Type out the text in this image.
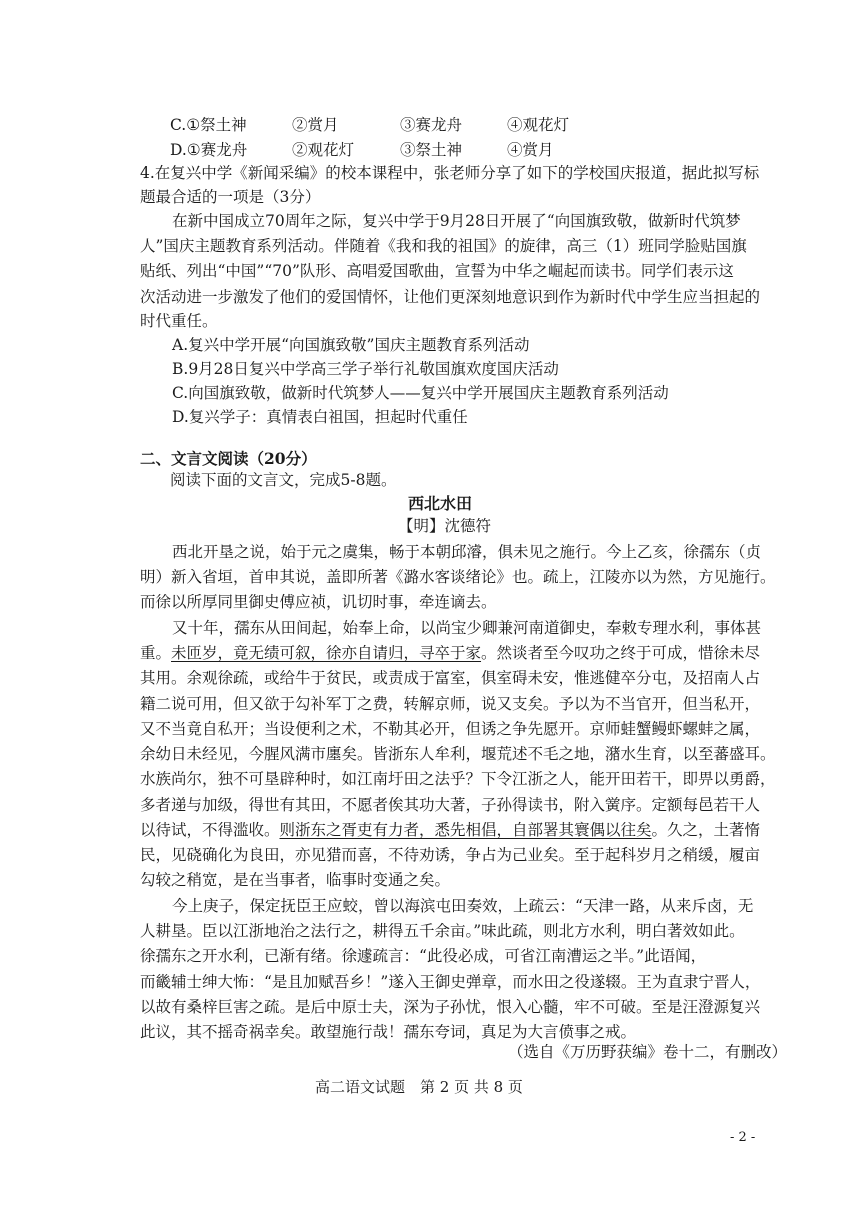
C.①祭土神	②赏月	③赛龙舟	④观花灯
D.①赛龙舟	②观花灯	③祭土神	④赏月
4.在复兴中学《新闻采编》的校本课程中，张老师分享了如下的学校国庆报道，据此拟写标
题最合适的一项是（3分）
在新中国成立70周年之际，复兴中学于9月28日开展了“向国旗致敬，做新时代筑梦
人”国庆主题教育系列活动。伴随着《我和我的祖国》的旋律，高三（1）班同学脸贴国旗
贴纸、列出“中国”“70”队形、高唱爱国歌曲，宣誓为中华之崛起而读书。同学们表示这
次活动进一步激发了他们的爱国情怀，让他们更深刻地意识到作为新时代中学生应当担起的
时代重任。
A.复兴中学开展“向国旗致敬”国庆主题教育系列活动
B.9月28日复兴中学高三学子举行礼敬国旗欢度国庆活动
C.向国旗致敬，做新时代筑梦人——复兴中学开展国庆主题教育系列活动
D.复兴学子：真情表白祖国，担起时代重任
二、文言文阅读（20分）
阅读下面的文言文，完成5-8题。
西北水田
【明】沈德符
西北开垦之说，始于元之虞集，畅于本朝邱濬，俱未见之施行。今上乙亥，徐孺东（贞
明）新入省垣，首申其说，盖即所著《潞水客谈绪论》也。疏上，江陵亦以为然，方见施行。
而徐以所厚同里御史傅应祯，讥切时事，牵连谪去。
又十年，孺东从田间起，始奉上命，以尚宝少卿兼河南道御史，奉敕专理水利，事体甚
重。未匝岁，竟无绩可叙，徐亦自请归，寻卒于家。然谈者至今叹功之终于可成，惜徐未尽
其用。余观徐疏，或给牛于贫民，或责成于富室，俱室碍未安，惟逃健卒分屯，及招南人占
籍二说可用，但又欲于勾补军丁之费，转解京师，说又支矣。予以为不当官开，但当私开，
又不当竟自私开；当设便利之术，不勒其必开，但诱之争先愿开。京师蛙蟹鳗虾螺蚌之属，
余幼日未经见，今腥风满市廛矣。皆浙东人牟利，堰荒述不毛之地，潴水生育，以至蕃盛耳。
水族尚尔，独不可垦辟种时，如江南圩田之法乎？下令江浙之人，能开田若干，即畀以勇爵，
多者递与加级，得世有其田，不愿者俟其功大著，子孙得读书，附入黉序。定额每邑若干人
以待试，不得滥收。则浙东之胥吏有力者，悉先相倡，自部署其寰偶以往矣。久之，土著惰
民，见硗确化为良田，亦见猎而喜，不待劝诱，争占为己业矣。至于起科岁月之稍缓，履亩
勾较之稍宽，是在当事者，临事时变通之矣。
今上庚子，保定抚臣王应蛟，曾以海滨屯田奏效，上疏云：“天津一路，从来斥卤，无
人耕垦。臣以江浙地治之法行之，耕得五千余亩。”味此疏，则北方水利，明白著效如此。
徐孺东之开水利，已渐有绪。徐遽疏言：“此役必成，可省江南漕运之半。”此语闻，
而畿辅士绅大怖：“是且加赋吾乡！”遂入王御史弹章，而水田之役遂辍。王为直隶宁晋人，
以故有桑梓巨害之疏。是后中原士夫，深为子孙忧，恨入心髓，牢不可破。至是汪澄源复兴
此议，其不摇奇祸幸矣。敢望施行哉！孺东夸词，真足为大言偾事之戒。
（选自《万历野获编》卷十二，有删改）
高二语文试题　第 2 页 共 8 页
- 2 -
